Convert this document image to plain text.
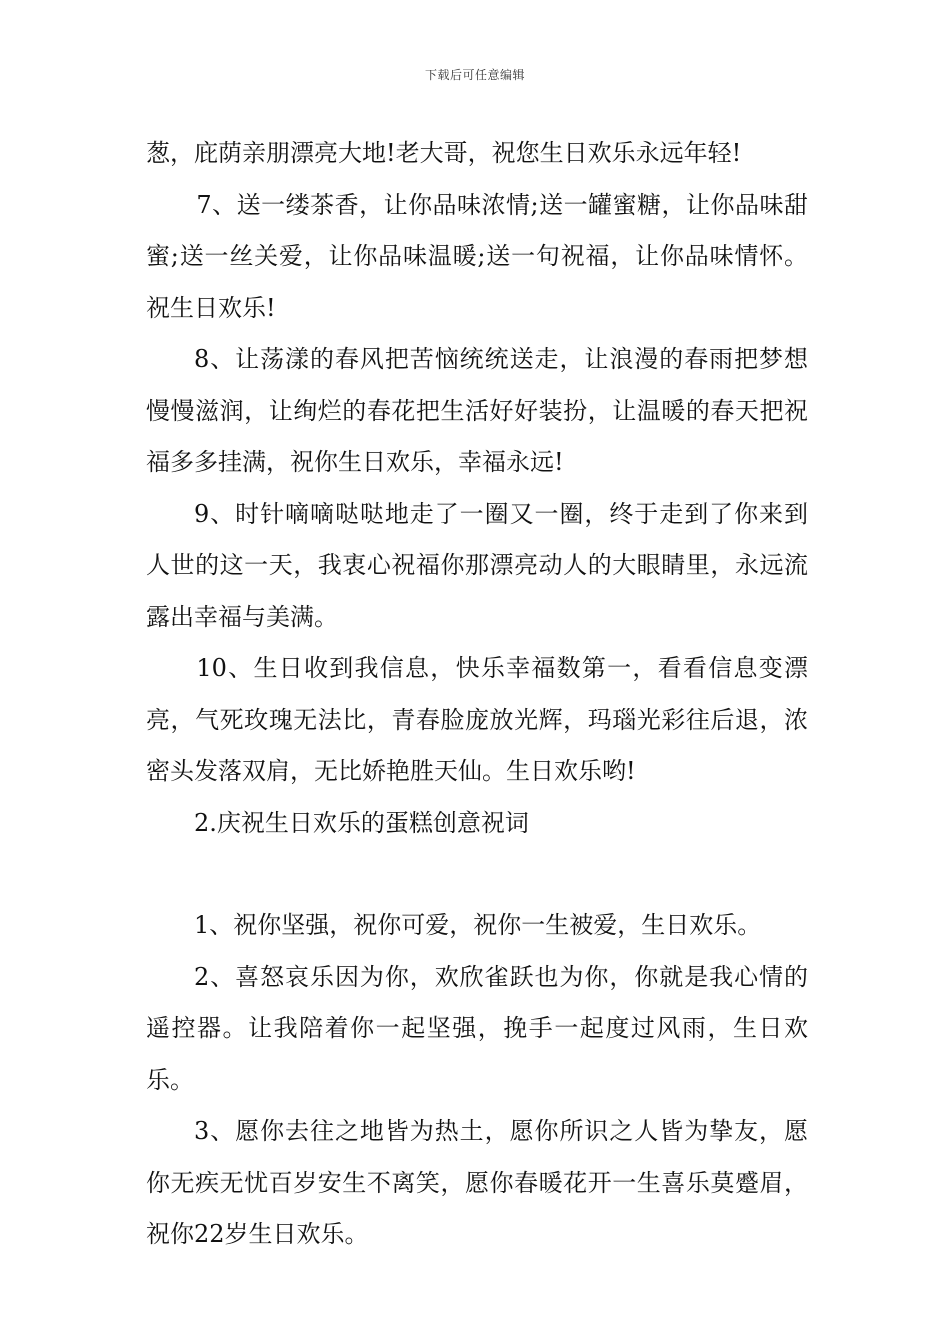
下载后可任意编辑

葱，庇荫亲朋漂亮大地!老大哥，祝您生日欢乐永远年轻!

7、送一缕茶香，让你品味浓情;送一罐蜜糖，让你品味甜蜜;送一丝关爱，让你品味温暖;送一句祝福，让你品味情怀。祝生日欢乐!

8、让荡漾的春风把苦恼统统送走，让浪漫的春雨把梦想慢慢滋润，让绚烂的春花把生活好好装扮，让温暖的春天把祝福多多挂满，祝你生日欢乐，幸福永远!

9、时针嘀嘀哒哒地走了一圈又一圈，终于走到了你来到人世的这一天，我衷心祝福你那漂亮动人的大眼睛里，永远流露出幸福与美满。

10、生日收到我信息，快乐幸福数第一，看看信息变漂亮，气死玫瑰无法比，青春脸庞放光辉，玛瑙光彩往后退，浓密头发落双肩，无比娇艳胜天仙。生日欢乐哟!

2.庆祝生日欢乐的蛋糕创意祝词

1、祝你坚强，祝你可爱，祝你一生被爱，生日欢乐。

2、喜怒哀乐因为你，欢欣雀跃也为你，你就是我心情的遥控器。让我陪着你一起坚强，挽手一起度过风雨，生日欢乐。

3、愿你去往之地皆为热土，愿你所识之人皆为挚友，愿你无疾无忧百岁安生不离笑，愿你春暖花开一生喜乐莫蹙眉，祝你22岁生日欢乐。
